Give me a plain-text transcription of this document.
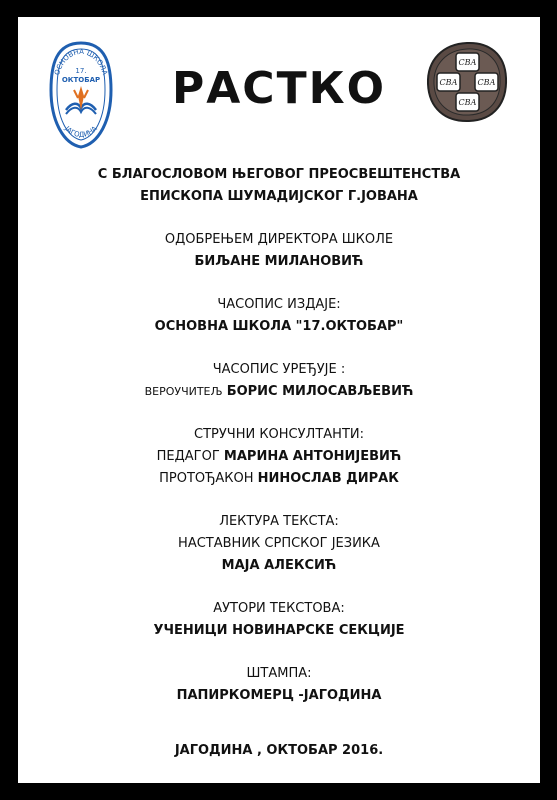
ОСНОВНА ШКОЛА
17.
ОКТОБАР
ЈАГОДИНА
СВА
СВА СВА
СВА
РАСТКО
С БЛАГОСЛОВОМ ЊЕГОВОГ ПРЕОСВЕШТЕНСТВА
ЕПИСКОПА ШУМАДИЈСКОГ Г.ЈОВАНА
ОДОБРЕЊЕМ ДИРЕКТОРА ШКОЛЕ
БИЉАНЕ МИЛАНОВИЋ
ЧАСОПИС ИЗДАЈЕ:
ОСНОВНА ШКОЛА "17.ОКТОБАР"
ЧАСОПИС УРЕЂУЈЕ :
ВЕРОУЧИТЕЉ БОРИС МИЛОСАВЉЕВИЋ
СТРУЧНИ КОНСУЛТАНТИ:
ПЕДАГОГ МАРИНА АНТОНИЈЕВИЋ
ПРОТОЂАКОН НИНОСЛАВ ДИРАК
ЛЕКТУРА ТЕКСТА:
НАСТАВНИК СРПСКОГ ЈЕЗИКА
МАЈА АЛЕКСИЋ
АУТОРИ ТЕКСТОВА:
УЧЕНИЦИ НОВИНАРСКЕ СЕКЦИЈЕ
ШТАМПА:
ПАПИРКОМЕРЦ -ЈАГОДИНА
ЈАГОДИНА , ОКТОБАР 2016.
